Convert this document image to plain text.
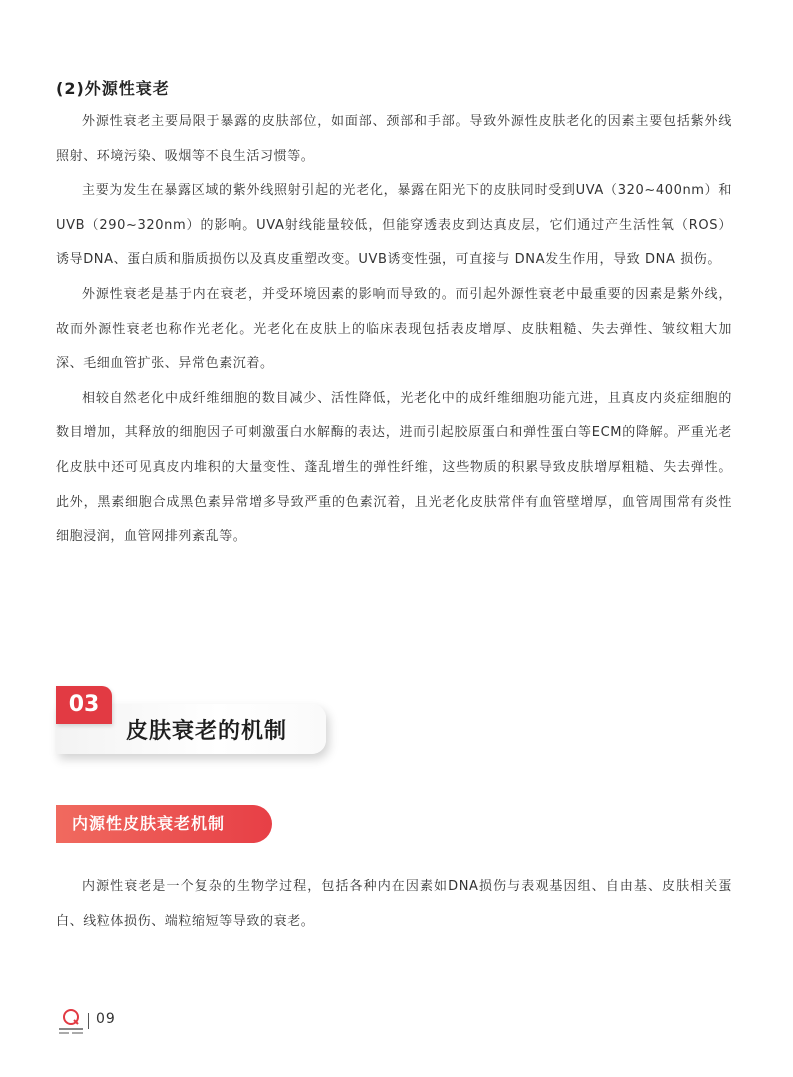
(2)外源性衰老

外源性衰老主要局限于暴露的皮肤部位，如面部、颈部和手部。导致外源性皮肤老化的因素主要包括紫外线照射、环境污染、吸烟等不良生活习惯等。

主要为发生在暴露区域的紫外线照射引起的光老化，暴露在阳光下的皮肤同时受到UVA（320~400nm）和UVB（290~320nm）的影响。UVA射线能量较低，但能穿透表皮到达真皮层，它们通过产生活性氧（ROS）诱导DNA、蛋白质和脂质损伤以及真皮重塑改变。UVB诱变性强，可直接与 DNA发生作用，导致 DNA 损伤。

外源性衰老是基于内在衰老，并受环境因素的影响而导致的。而引起外源性衰老中最重要的因素是紫外线，故而外源性衰老也称作光老化。光老化在皮肤上的临床表现包括表皮增厚、皮肤粗糙、失去弹性、皱纹粗大加深、毛细血管扩张、异常色素沉着。

相较自然老化中成纤维细胞的数目减少、活性降低，光老化中的成纤维细胞功能亢进，且真皮内炎症细胞的数目增加，其释放的细胞因子可刺激蛋白水解酶的表达，进而引起胶原蛋白和弹性蛋白等ECM的降解。严重光老化皮肤中还可见真皮内堆积的大量变性、蓬乱增生的弹性纤维，这些物质的积累导致皮肤增厚粗糙、失去弹性。此外，黑素细胞合成黑色素异常增多导致严重的色素沉着，且光老化皮肤常伴有血管壁增厚，血管周围常有炎性细胞浸润，血管网排列紊乱等。

皮肤衰老的机制
03
内源性皮肤衰老机制

内源性衰老是一个复杂的生物学过程，包括各种内在因素如DNA损伤与表观基因组、自由基、皮肤相关蛋白、线粒体损伤、端粒缩短等导致的衰老。

09
